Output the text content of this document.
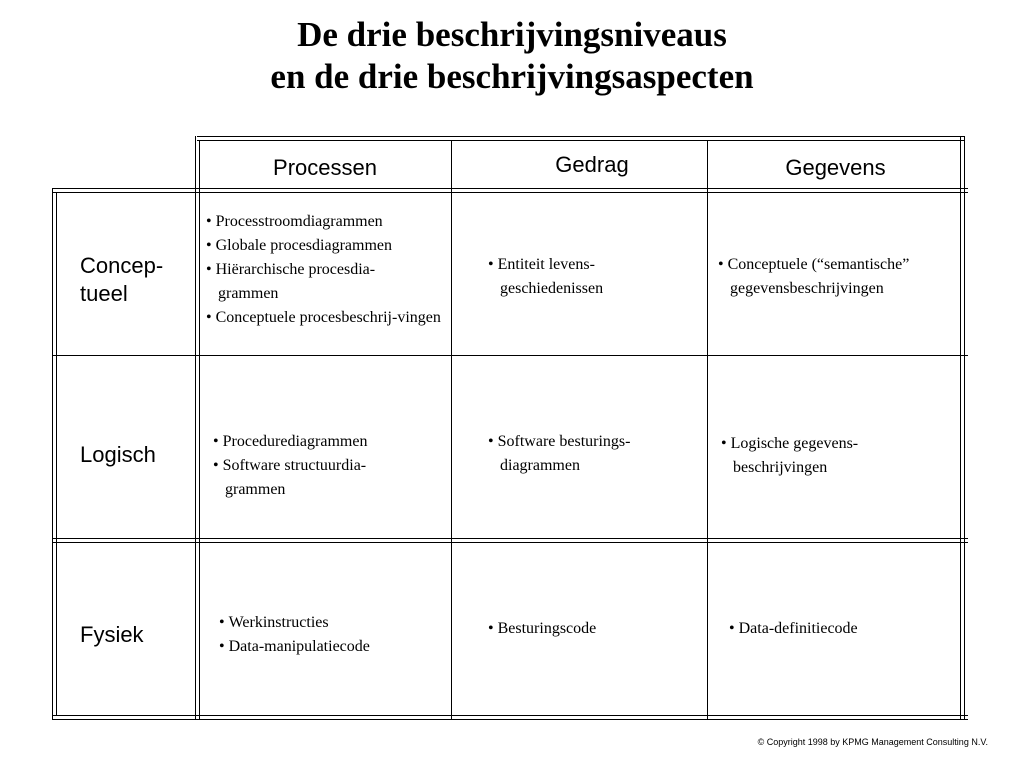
De drie beschrijvingsniveaus
en de drie beschrijvingsaspecten
Processen	Gedrag	Gegevens
Concep-
tueel
Logisch
Fysiek
• Processtroomdiagrammen
• Globale procesdiagrammen
• Hiërarchische procesdia-grammen
• Conceptuele procesbeschrij-vingen
• Entiteit levens-geschiedenissen
• Conceptuele (“semantische” gegevensbeschrijvingen
• Procedurediagrammen
• Software structuurdia-grammen
• Software besturings-diagrammen
• Logische gegevens-beschrijvingen
• Werkinstructies
• Data-manipulatiecode
• Besturingscode
•	Data-definitiecode
© Copyright 1998 by KPMG Management Consulting N.V.
